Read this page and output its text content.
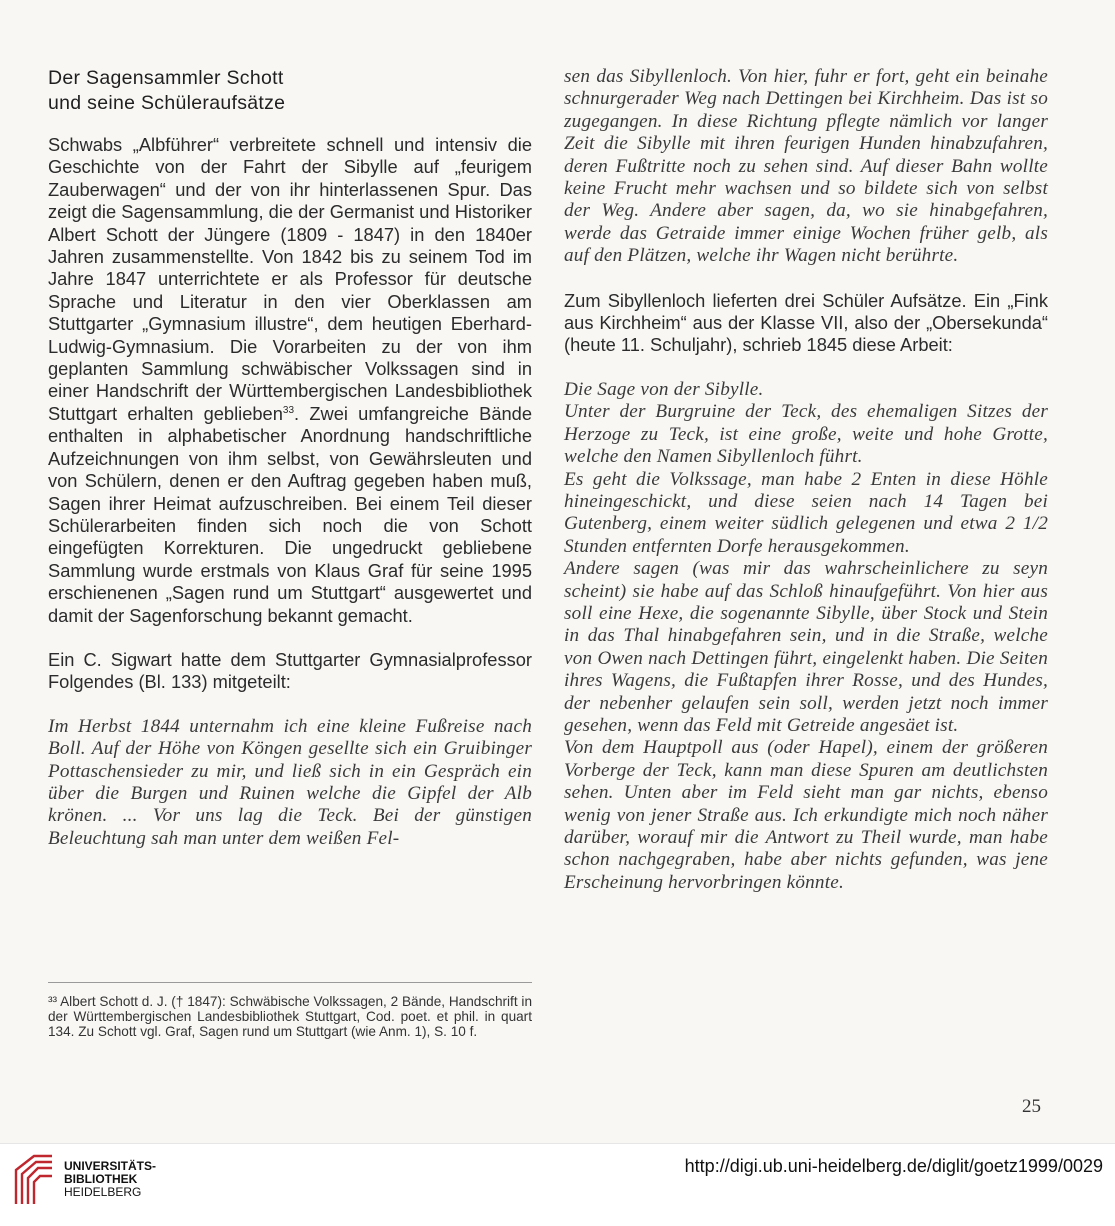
Der Sagensammler Schott
und seine Schüleraufsätze

Schwabs „Albführer“ verbreitete schnell und intensiv die Geschichte von der Fahrt der Sibylle auf „feurigem Zauberwagen“ und der von ihr hinterlassenen Spur. Das zeigt die Sagensammlung, die der Germanist und Historiker Albert Schott der Jüngere (1809 - 1847) in den 1840er Jahren zusammenstellte. Von 1842 bis zu seinem Tod im Jahre 1847 unterrichtete er als Professor für deutsche Sprache und Literatur in den vier Oberklassen am Stuttgarter „Gymnasium illustre“, dem heutigen Eberhard-Ludwig-Gymnasium. Die Vorarbeiten zu der von ihm geplanten Sammlung schwäbischer Volkssagen sind in einer Handschrift der Württembergischen Landesbibliothek Stuttgart erhalten geblieben$^{33}$. Zwei umfangreiche Bände enthalten in alphabetischer Anordnung handschriftliche Aufzeichnungen von ihm selbst, von Gewährsleuten und von Schülern, denen er den Auftrag gegeben haben muß, Sagen ihrer Heimat aufzuschreiben. Bei einem Teil dieser Schülerarbeiten finden sich noch die von Schott eingefügten Korrekturen. Die ungedruckt gebliebene Sammlung wurde erstmals von Klaus Graf für seine 1995 erschienenen „Sagen rund um Stuttgart“ ausgewertet und damit der Sagenforschung bekannt gemacht.

Ein C. Sigwart hatte dem Stuttgarter Gymnasialprofessor Folgendes (Bl. 133) mitgeteilt:

Im Herbst 1844 unternahm ich eine kleine Fußreise nach Boll. Auf der Höhe von Köngen gesellte sich ein Gruibinger Pottaschensieder zu mir, und ließ sich in ein Gespräch ein über die Burgen und Ruinen welche die Gipfel der Alb krönen. ... Vor uns lag die Teck. Bei der günstigen Beleuchtung sah man unter dem weißen Fel-

³³ Albert Schott d. J. († 1847): Schwäbische Volkssagen, 2 Bände, Handschrift in der Württembergischen Landesbibliothek Stuttgart, Cod. poet. et phil. in quart 134. Zu Schott vgl. Graf, Sagen rund um Stuttgart (wie Anm. 1), S. 10 f.

sen das Sibyllenloch. Von hier, fuhr er fort, geht ein beinahe schnurgerader Weg nach Dettingen bei Kirchheim. Das ist so zugegangen. In diese Richtung pflegte nämlich vor langer Zeit die Sibylle mit ihren feurigen Hunden hinabzufahren, deren Fußtritte noch zu sehen sind. Auf dieser Bahn wollte keine Frucht mehr wachsen und so bildete sich von selbst der Weg. Andere aber sagen, da, wo sie hinabgefahren, werde das Getraide immer einige Wochen früher gelb, als auf den Plätzen, welche ihr Wagen nicht berührte.

Zum Sibyllenloch lieferten drei Schüler Aufsätze. Ein „Fink aus Kirchheim“ aus der Klasse VII, also der „Obersekunda“ (heute 11. Schuljahr), schrieb 1845 diese Arbeit:

Die Sage von der Sibylle.

Unter der Burgruine der Teck, des ehemaligen Sitzes der Herzoge zu Teck, ist eine große, weite und hohe Grotte, welche den Namen Sibyllenloch führt.

Es geht die Volkssage, man habe 2 Enten in diese Höhle hineingeschickt, und diese seien nach 14 Tagen bei Gutenberg, einem weiter südlich gelegenen und etwa 2 1/2 Stunden entfernten Dorfe herausgekommen.

Andere sagen (was mir das wahrscheinlichere zu seyn scheint) sie habe auf das Schloß hinaufgeführt. Von hier aus soll eine Hexe, die sogenannte Sibylle, über Stock und Stein in das Thal hinabgefahren sein, und in die Straße, welche von Owen nach Dettingen führt, eingelenkt haben. Die Seiten ihres Wagens, die Fußtapfen ihrer Rosse, und des Hundes, der nebenher gelaufen sein soll, werden jetzt noch immer gesehen, wenn das Feld mit Getreide angesäet ist.

Von dem Hauptpoll aus (oder Hapel), einem der größeren Vorberge der Teck, kann man diese Spuren am deutlichsten sehen. Unten aber im Feld sieht man gar nichts, ebenso wenig von jener Straße aus. Ich erkundigte mich noch näher darüber, worauf mir die Antwort zu Theil wurde, man habe schon nachgegraben, habe aber nichts gefunden, was jene Erscheinung hervorbringen könnte.

25
UNIVERSITÄTS-
BIBLIOTHEK
HEIDELBERG
http://digi.ub.uni-heidelberg.de/diglit/goetz1999/0029
